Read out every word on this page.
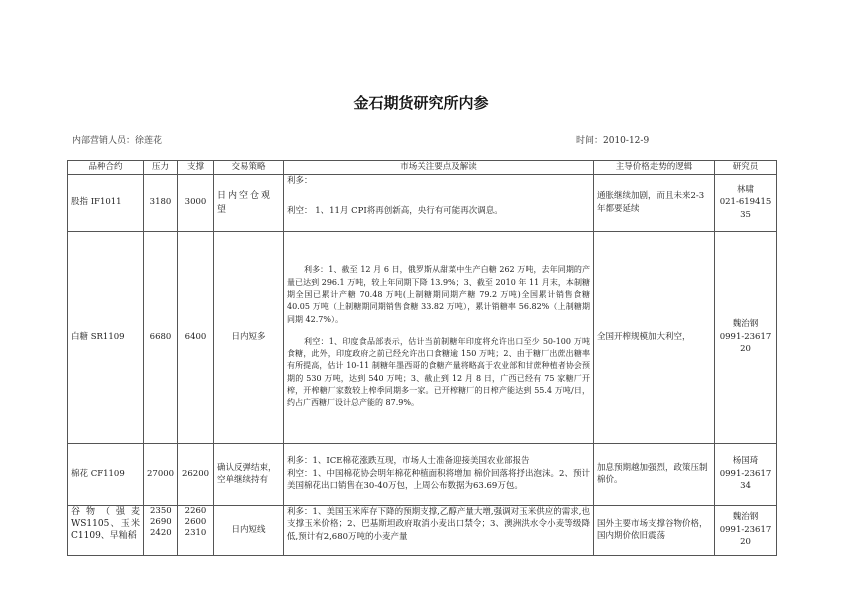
金石期货研究所内参
内部营销人员：徐莲花	时间：2010-12-9
品种合约	压力	支撑	交易策略	市场关注要点及解读	主导价格走势的逻辑	研究员
股指 IF1011	3180	3000	日内空仓观望	利多：
利空： 1、11月 CPI将再创新高，央行有可能再次调息。	通胀继续加剧，而且未来2-3 年都要延续	林啸
021-61941535

白糖 SR1109	6680	6400	日内短多	利多：1、截至 12 月 6 日，俄罗斯从甜菜中生产白糖 262 万吨，去年同期的产量已达到 296.1 万吨，较上年同期下降 13.9%；3、截至 2010 年 11 月末，本制糖期全国已累计产糖 70.48 万吨(上制糖期同期产糖 79.2 万吨)全国累计销售食糖 40.05 万吨（上制糖期同期销售食糖 33.82 万吨），累计销糖率 56.82%（上制糖期同期 42.7%）。
利空：1、印度食品部表示，估计当前制糖年印度将允许出口至少 50-100 万吨食糖，此外，印度政府之前已经允许出口食糖逾 150 万吨；2、由于糖厂出蔗出糖率有所提高，估计 10-11 制糖年墨西哥的食糖产量将略高于农业部和甘蔗种植者协会预期的 530 万吨，达到 540 万吨；3、截止到 12 月 8 日，广西已经有 75 家糖厂开榨，开榨糖厂家数较上榨季同期多一家。已开榨糖厂的日榨产能达到 55.4 万吨/日，约占广西糖厂设计总产能的 87.9%。	全国开榨规模加大利空，	魏治钢
0991-2361720

棉花 CF1109	27000	26200	确认反弹结束，空单继续持有	利多：1、ICE棉花涨跌互现，市场人士准备迎接美国农业部报告
利空：1、中国棉花协会明年棉花种植面积将增加 棉价回落将抒出泡沫。2、预计美国棉花出口销售在30-40万包，上周公布数据为63.69万包。	加息预期越加强烈，政策压制棉价。	杨国琦
0991-2361734

谷物（强麦 WS1105、玉米 C1109、早籼稻	2350 2690 2420	2260 2600 2310	日内短线	利多：1、美国玉米库存下降的预期支撑,乙醇产量大增,强调对玉米供应的需求,也支撑玉米价格；2、巴基斯坦政府取消小麦出口禁令；3、澳洲洪水令小麦等级降低,预计有2,680万吨的小麦产量	国外主要市场支撑谷物价格，国内期价依旧震荡	魏治钢
0991-2361720
